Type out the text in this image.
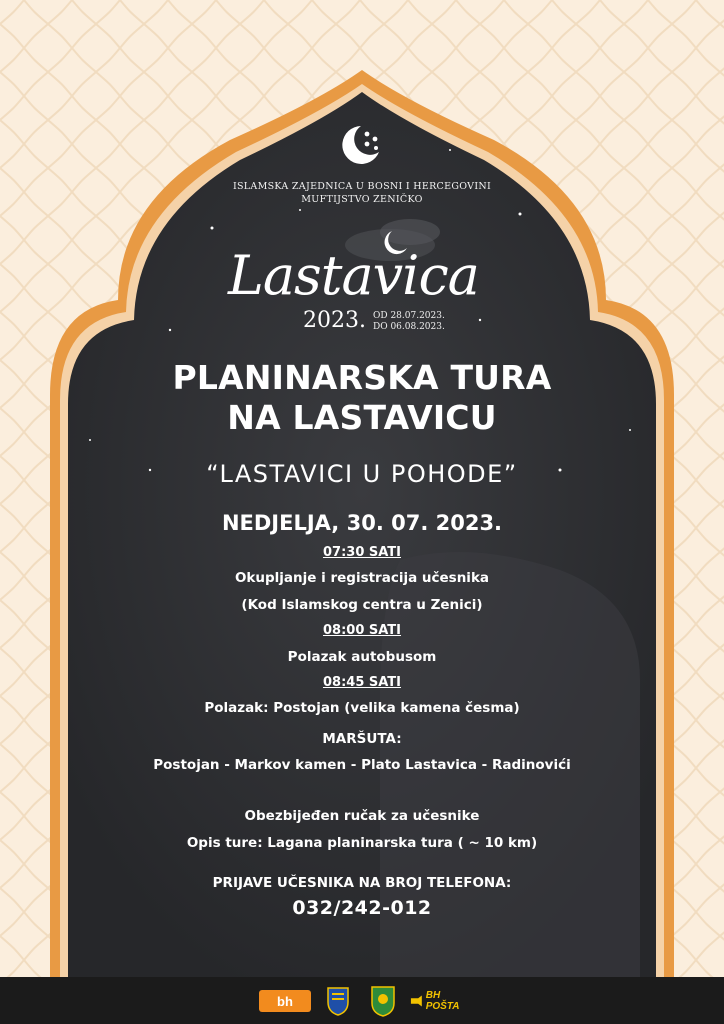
ISLAMSKA ZAJEDNICA U BOSNI I HERCEGOVINI
MUFTIJSTVO ZENIČKO
Lastavica
2023. OD 28.07.2023.
DO 06.08.2023.
PLANINARSKA TURA
NA LASTAVICU
“LASTAVICI U POHODE”
NEDJELJA, 30. 07. 2023.
07:30 SATI
Okupljanje i registracija učesnika
(Kod Islamskog centra u Zenici)
08:00 SATI
Polazak autobusom
08:45 SATI
Polazak: Postojan (velika kamena česma)
MARŠUTA:
Postojan - Markov kamen - Plato Lastavica - Radinovići
Obezbijeđen ručak za učesnike
Opis ture: Lagana planinarska tura ( ~ 10 km)
PRIJAVE UČESNIKA NA BROJ TELEFONA:
032/242-012
bh	BH POŠTA
